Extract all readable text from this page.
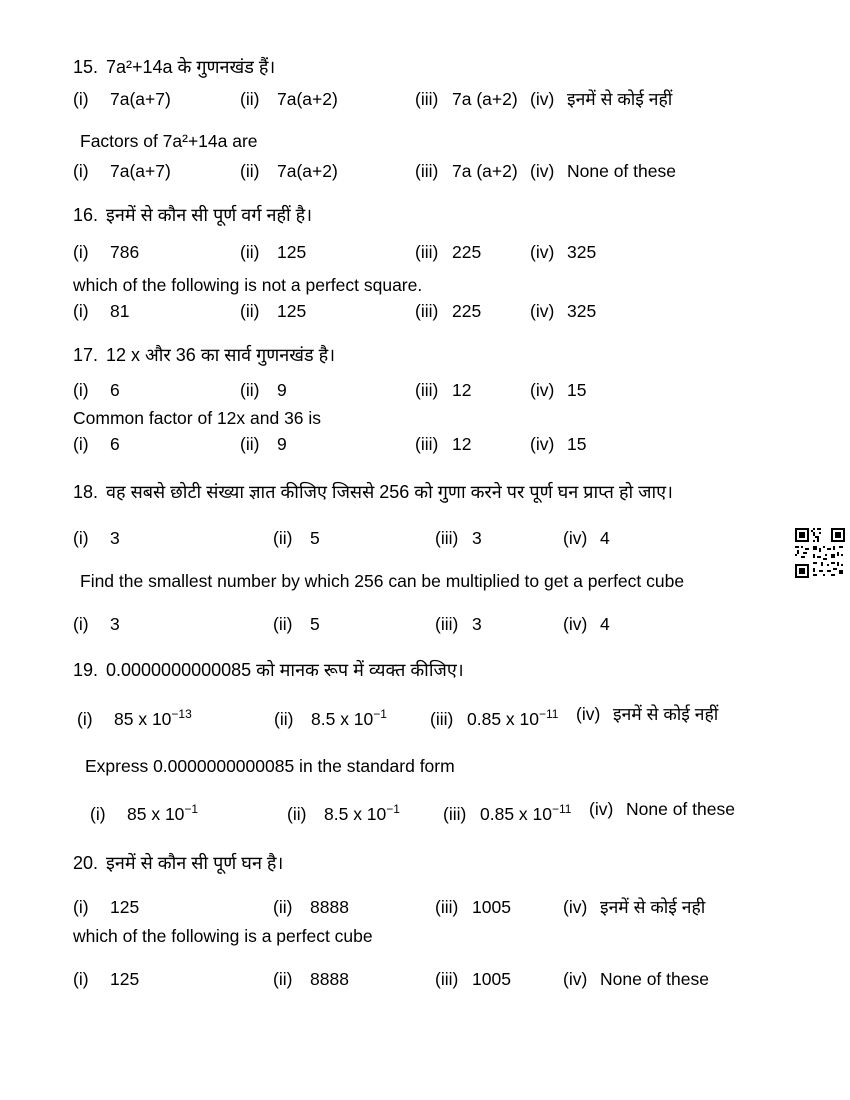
15. 7a²+14a के गुणनखंड हैं।
(i) 7a(a+7)	(ii) 7a(a+2)	(iii) 7a (a+2) (iv) इनमें से कोई नहीं
Factors of 7a²+14a are
(i) 7a(a+7)	(ii) 7a(a+2)	(iii) 7a (a+2) (iv) None of these
16. इनमें से कौन सी पूर्ण वर्ग नहीं है।
(i) 786	(ii) 125	(iii) 225	(iv) 325
which of the following is not a perfect square.
(i) 81	(ii) 125	(iii) 225	(iv) 325
17. 12 x और 36 का सार्व गुणनखंड है।
(i) 6	(ii) 9	(iii) 12	(iv) 15
Common factor of 12x and 36 is
(i) 6	(ii) 9	(iii) 12	(iv) 15
18. वह सबसे छोटी संख्या ज्ञात कीजिए जिससे 256 को गुणा करने पर पूर्ण घन प्राप्त हो जाए।
(i) 3	(ii) 5	(iii) 3	(iv) 4
Find the smallest number by which 256 can be multiplied to get a perfect cube
(i) 3	(ii) 5	(iii) 3	(iv) 4
19. 0.0000000000085 को मानक रूप में व्यक्त कीजिए।
(i) 85 x $10^{-13}$	(ii) 8.5 x $10^{-1}$	(iii) 0.85 x $10^{-11}$	(iv) इनमें से कोई नहीं
Express 0.0000000000085 in the standard form
(i) 85 x $10^{-1}$	(ii) 8.5 x $10^{-1}$	(iii) 0.85 x $10^{-11}$	(iv) None of these
20. इनमें से कौन सी पूर्ण घन है।
(i) 125	(ii) 8888	(iii) 1005	(iv) इनमें से कोई नही
which of the following is a perfect cube
(i) 125	(ii) 8888	(iii) 1005	(iv) None of these
